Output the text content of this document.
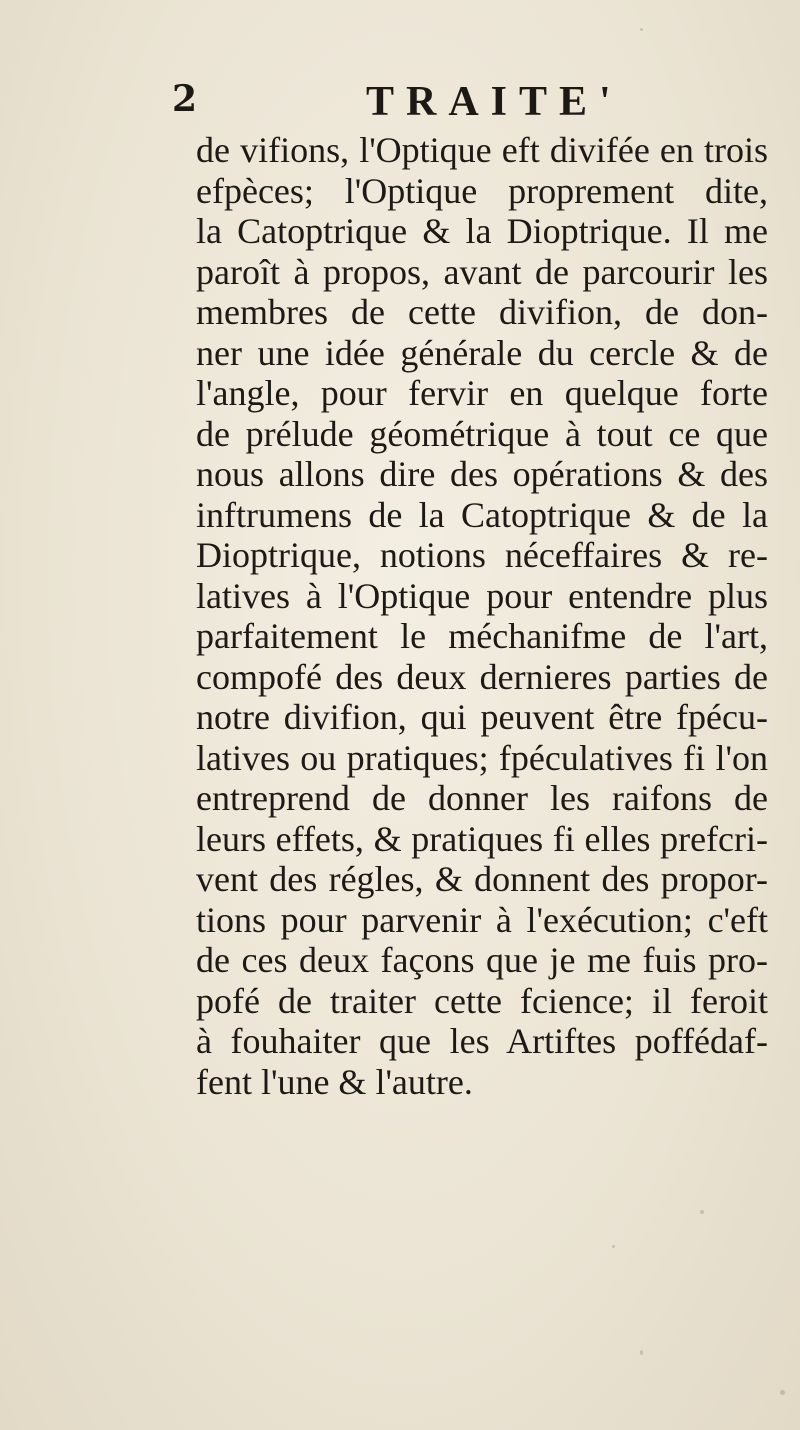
2	TRAITE'
de vifions, l'Optique eft divifée en trois
efpèces; l'Optique proprement dite,
la Catoptrique & la Dioptrique. Il me
paroît à propos, avant de parcourir les
membres de cette divifion, de don-
ner une idée générale du cercle & de
l'angle, pour fervir en quelque forte
de prélude géométrique à tout ce que
nous allons dire des opérations & des
inftrumens de la Catoptrique & de la
Dioptrique, notions néceffaires & re-
latives à l'Optique pour entendre plus
parfaitement le méchanifme de l'art,
compofé des deux dernieres parties de
notre divifion, qui peuvent être fpécu-
latives ou pratiques; fpéculatives fi l'on
entreprend de donner les raifons de
leurs effets, & pratiques fi elles prefcri-
vent des régles, & donnent des propor-
tions pour parvenir à l'exécution; c'eft
de ces deux façons que je me fuis pro-
pofé de traiter cette fcience; il feroit
à fouhaiter que les Artiftes poffédaf-
fent l'une & l'autre.
